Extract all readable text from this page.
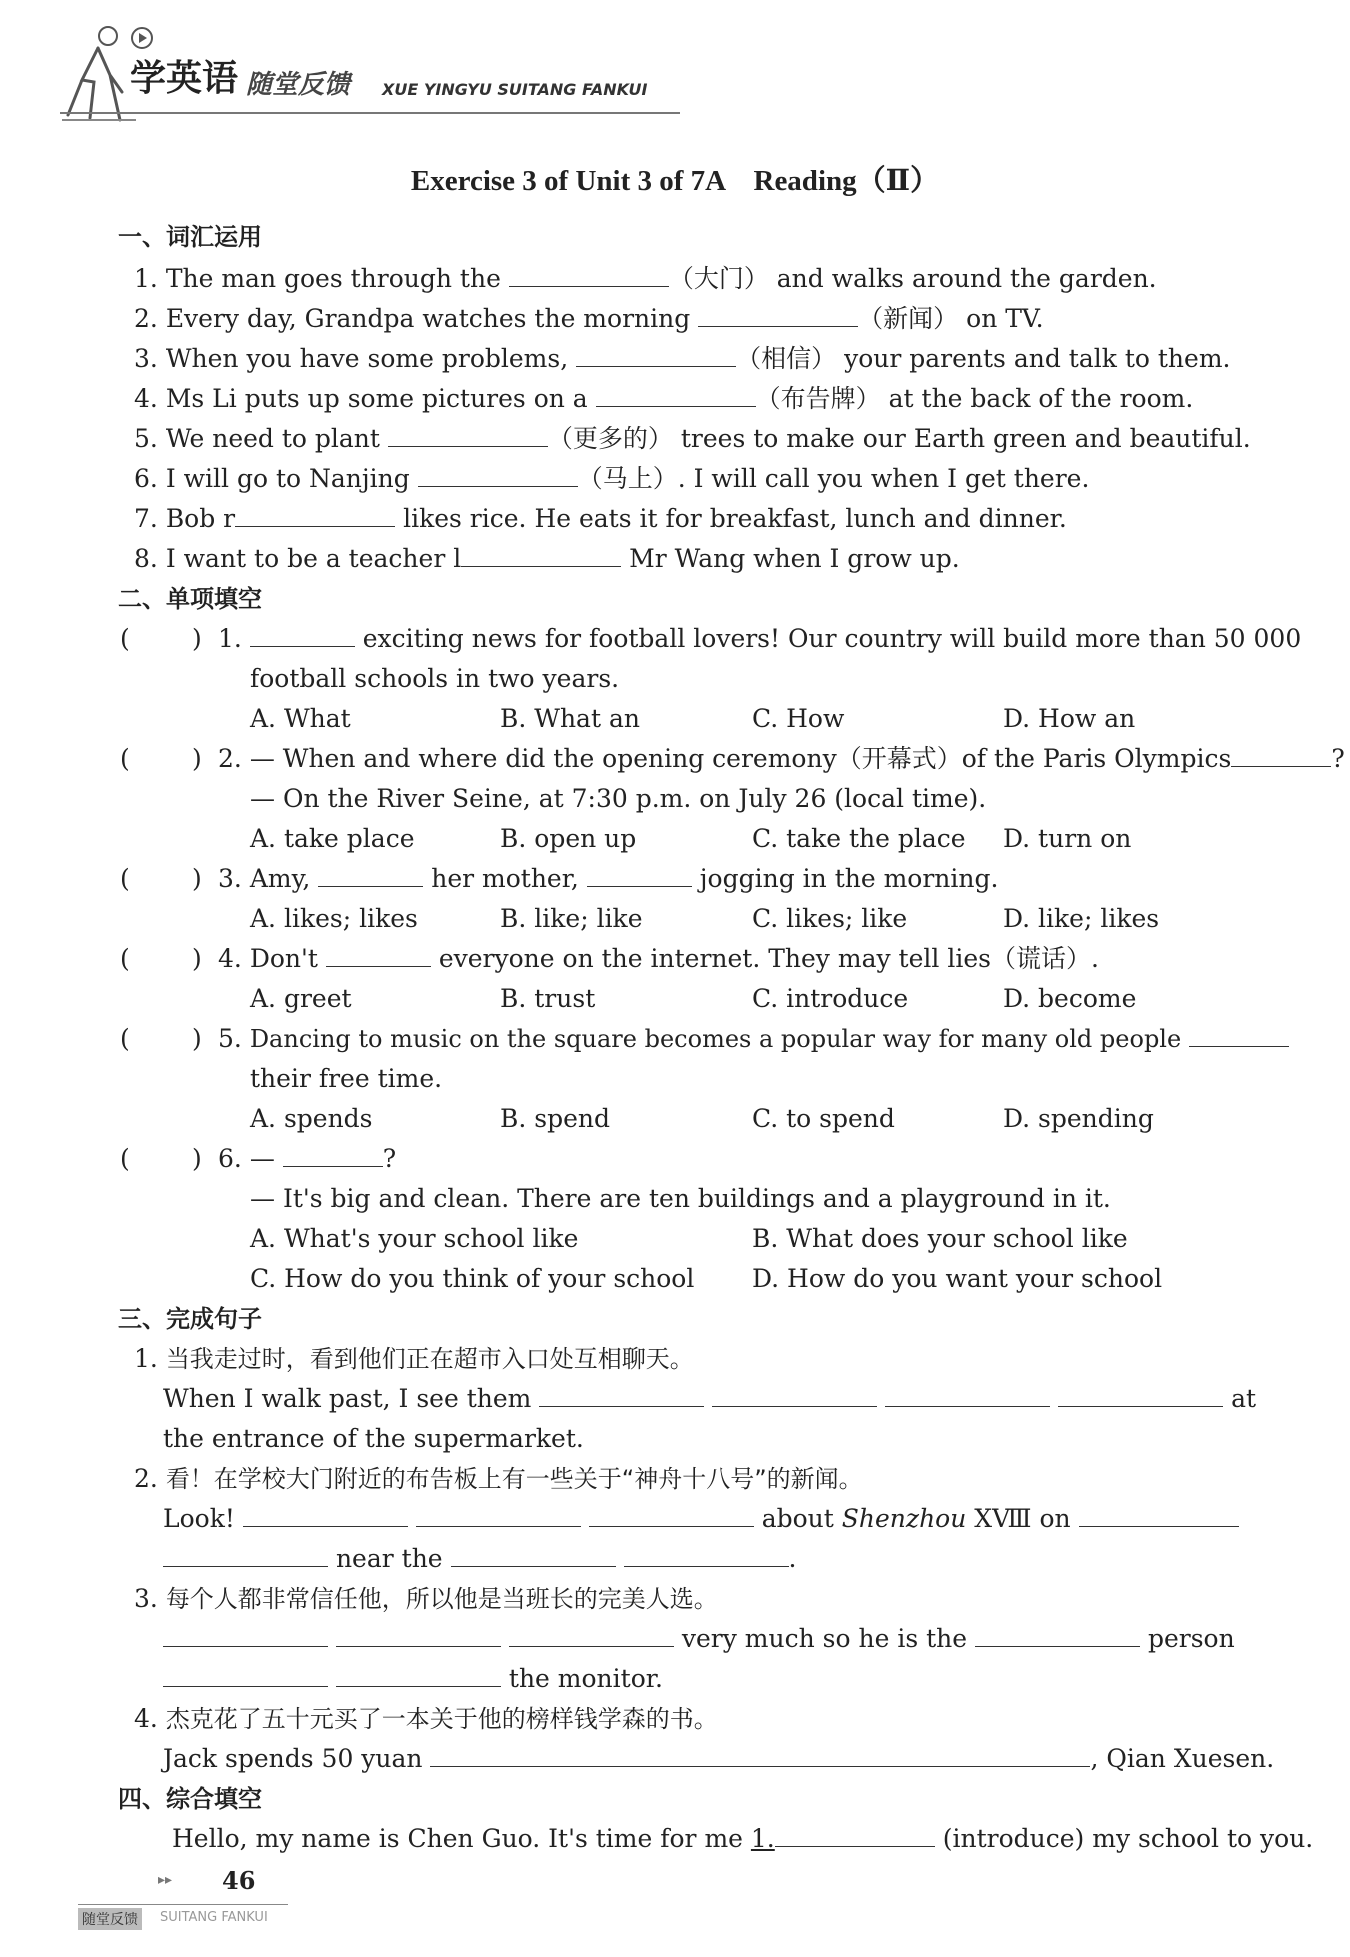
学英语 随堂反馈 XUE YINGYU SUITANG FANKUI
Exercise 3 of Unit 3 of 7A　Reading（Ⅱ）
一、词汇运用
1. The man goes through the	（大门） and walks around the garden.
2. Every day, Grandpa watches the morning	（新闻） on TV.
3. When you have some problems,	（相信） your parents and talk to them.
4. Ms Li puts up some pictures on a	（布告牌） at the back of the room.
5. We need to plant	（更多的） trees to make our Earth green and beautiful.
6. I will go to Nanjing	（马上）. I will call you when I get there.
7. Bob r	likes rice. He eats it for breakfast, lunch and dinner.
8. I want to be a teacher l	Mr Wang when I grow up.
二、单项填空
( ) 1.	exciting news for football lovers! Our country will build more than 50 000
football schools in two years.
A. What	B. What an	C. How	D. How an
( ) 2. — When and where did the opening ceremony（开幕式）of the Paris Olympics	?
— On the River Seine, at 7:30 p.m. on July 26 (local time).
A. take place	B. open up	C. take the place D. turn on
( ) 3. Amy,	her mother,	jogging in the morning.
A. likes; likes	B. like; like	C. likes; like	D. like; likes
( ) 4. Don't	everyone on the internet. They may tell lies（谎话）.
A. greet	B. trust	C. introduce	D. become
( ) 5. Dancing to music on the square becomes a popular way for many old people
their free time.
A. spends	B. spend	C. to spend	D. spending
( ) 6. —	?
— It's big and clean. There are ten buildings and a playground in it.
A. What's your school like	B. What does your school like
C. How do you think of your school D. How do you want your school
三、完成句子
1. 当我走过时，看到他们正在超市入口处互相聊天。
When I walk past, I see them	at
the entrance of the supermarket.
2. 看！在学校大门附近的布告板上有一些关于“神舟十八号”的新闻。
Look!	about Shenzhou XⅧ on
near the	.
3. 每个人都非常信任他，所以他是当班长的完美人选。
very much so he is the	person
the monitor.
4. 杰克花了五十元买了一本关于他的榜样钱学森的书。
Jack spends 50 yuan	, Qian Xuesen.
四、综合填空
Hello, my name is Chen Guo. It's time for me 1.	(introduce) my school to you.
▸▸ 46
随堂反馈	SUITANG FANKUI
